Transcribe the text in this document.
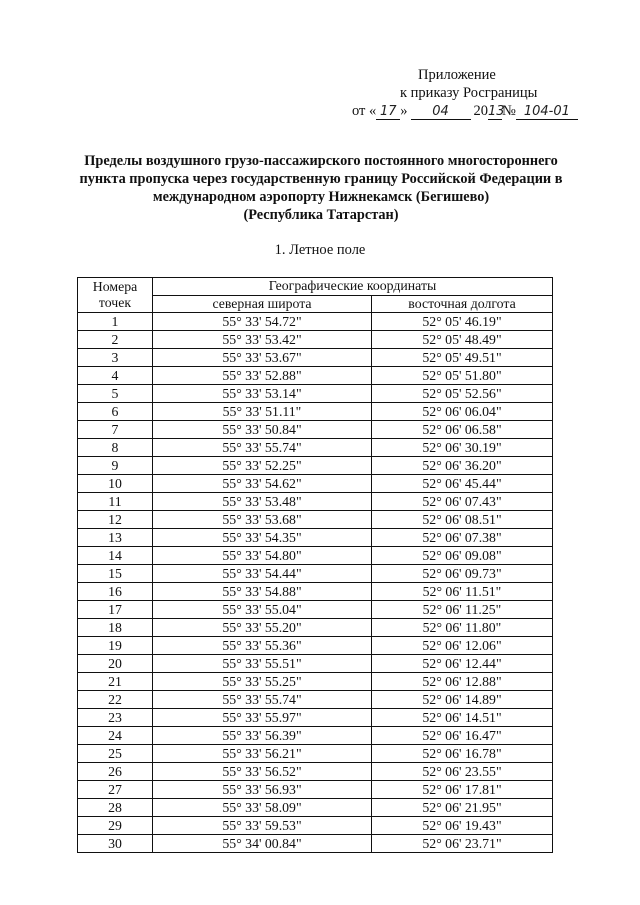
Приложение
к приказу Росграницы
от « 17 » 04 2013№ 104-01
Пределы воздушного грузо-пассажирского постоянного многостороннего
пункта пропуска через государственную границу Российской Федерации в
международном аэропорту Нижнекамск (Бегишево)
(Республика Татарстан)
1. Летное поле
Номера точек	Географические координаты	
	северная широта	восточная долгота
1	55° 33' 54.72"	52° 05' 46.19"
2	55° 33' 53.42"	52° 05' 48.49"
3	55° 33' 53.67"	52° 05' 49.51"
4	55° 33' 52.88"	52° 05' 51.80"
5	55° 33' 53.14"	52° 05' 52.56"
6	55° 33' 51.11"	52° 06' 06.04"
7	55° 33' 50.84"	52° 06' 06.58"
8	55° 33' 55.74"	52° 06' 30.19"
9	55° 33' 52.25"	52° 06' 36.20"
10	55° 33' 54.62"	52° 06' 45.44"
11	55° 33' 53.48"	52° 06' 07.43"
12	55° 33' 53.68"	52° 06' 08.51"
13	55° 33' 54.35"	52° 06' 07.38"
14	55° 33' 54.80"	52° 06' 09.08"
15	55° 33' 54.44"	52° 06' 09.73"
16	55° 33' 54.88"	52° 06' 11.51"
17	55° 33' 55.04"	52° 06' 11.25"
18	55° 33' 55.20"	52° 06' 11.80"
19	55° 33' 55.36"	52° 06' 12.06"
20	55° 33' 55.51"	52° 06' 12.44"
21	55° 33' 55.25"	52° 06' 12.88"
22	55° 33' 55.74"	52° 06' 14.89"
23	55° 33' 55.97"	52° 06' 14.51"
24	55° 33' 56.39"	52° 06' 16.47"
25	55° 33' 56.21"	52° 06' 16.78"
26	55° 33' 56.52"	52° 06' 23.55"
27	55° 33' 56.93"	52° 06' 17.81"
28	55° 33' 58.09"	52° 06' 21.95"
29	55° 33' 59.53"	52° 06' 19.43"
30	55° 34' 00.84"	52° 06' 23.71"
